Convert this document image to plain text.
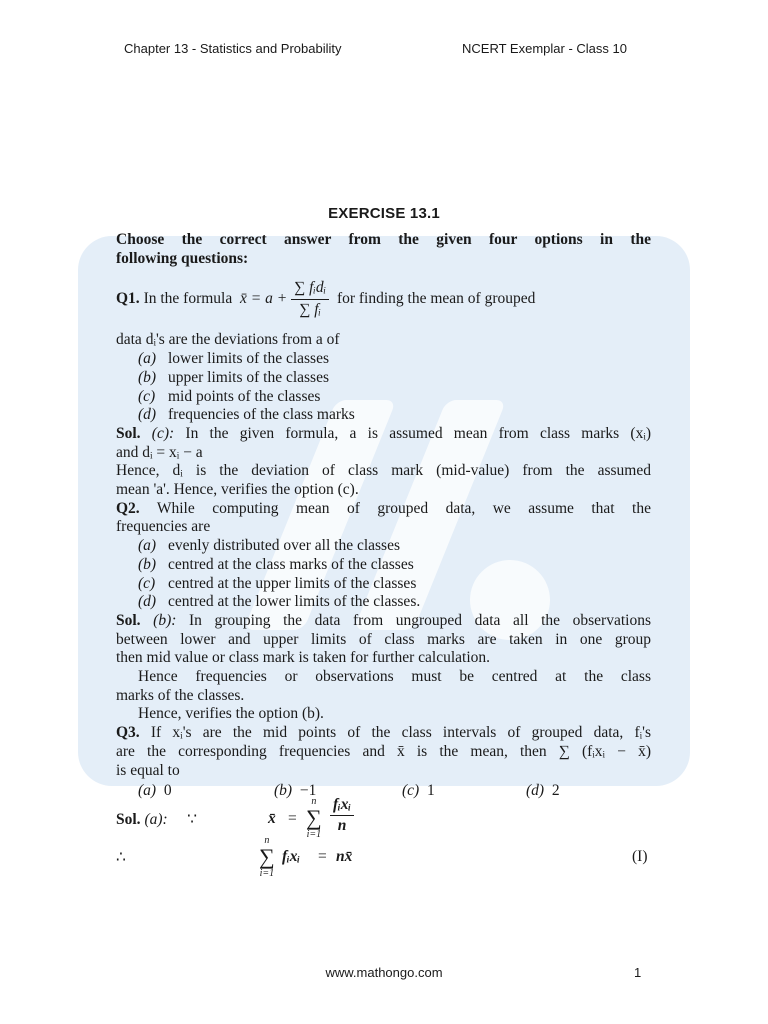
Chapter 13 - Statistics and Probability	NCERT Exemplar - Class 10
EXERCISE 13.1

Choose the correct answer from the given four options in the

following questions:

Q1.
In the formula
x̄ = $a + \frac{\text{∑ fᵢdᵢ}}{\text{∑ fᵢ}}$
for finding the mean of grouped

data dᵢ's are the deviations from a of

(a) lower limits of the classes

(b) upper limits of the classes

(c) mid points of the classes

(d) frequencies of the class marks

Sol. (c): In the given formula, a is assumed mean from class marks (xᵢ)

and dᵢ = xᵢ − a

Hence, dᵢ is the deviation of class mark (mid-value) from the assumed

mean 'a'. Hence, verifies the option (c).

Q2. While computing mean of grouped data, we assume that the

frequencies are

(a) evenly distributed over all the classes

(b) centred at the class marks of the classes

(c) centred at the upper limits of the classes

(d) centred at the lower limits of the classes.

Sol. (b): In grouping the data from ungrouped data all the observations

between lower and upper limits of class marks are taken in one group

then mid value or class mark is taken for further calculation.

Hence frequencies or observations must be centred at the class

marks of the classes.

Hence, verifies the option (b).

Q3. If xᵢ's are the mid points of the class intervals of grouped data, fᵢ's

are the corresponding frequencies and x̄ is the mean, then ∑ (fᵢxᵢ − x̄)

is equal to

(a) 0	(b) −1	(c) 1	(d) 2
Sol. (a): ∵	x̄ =
n
∑
i=1
fᵢxᵢ
n
∴
n
∑
i=1
fᵢxᵢ = nx̄	(I)
www.mathongo.com	1
